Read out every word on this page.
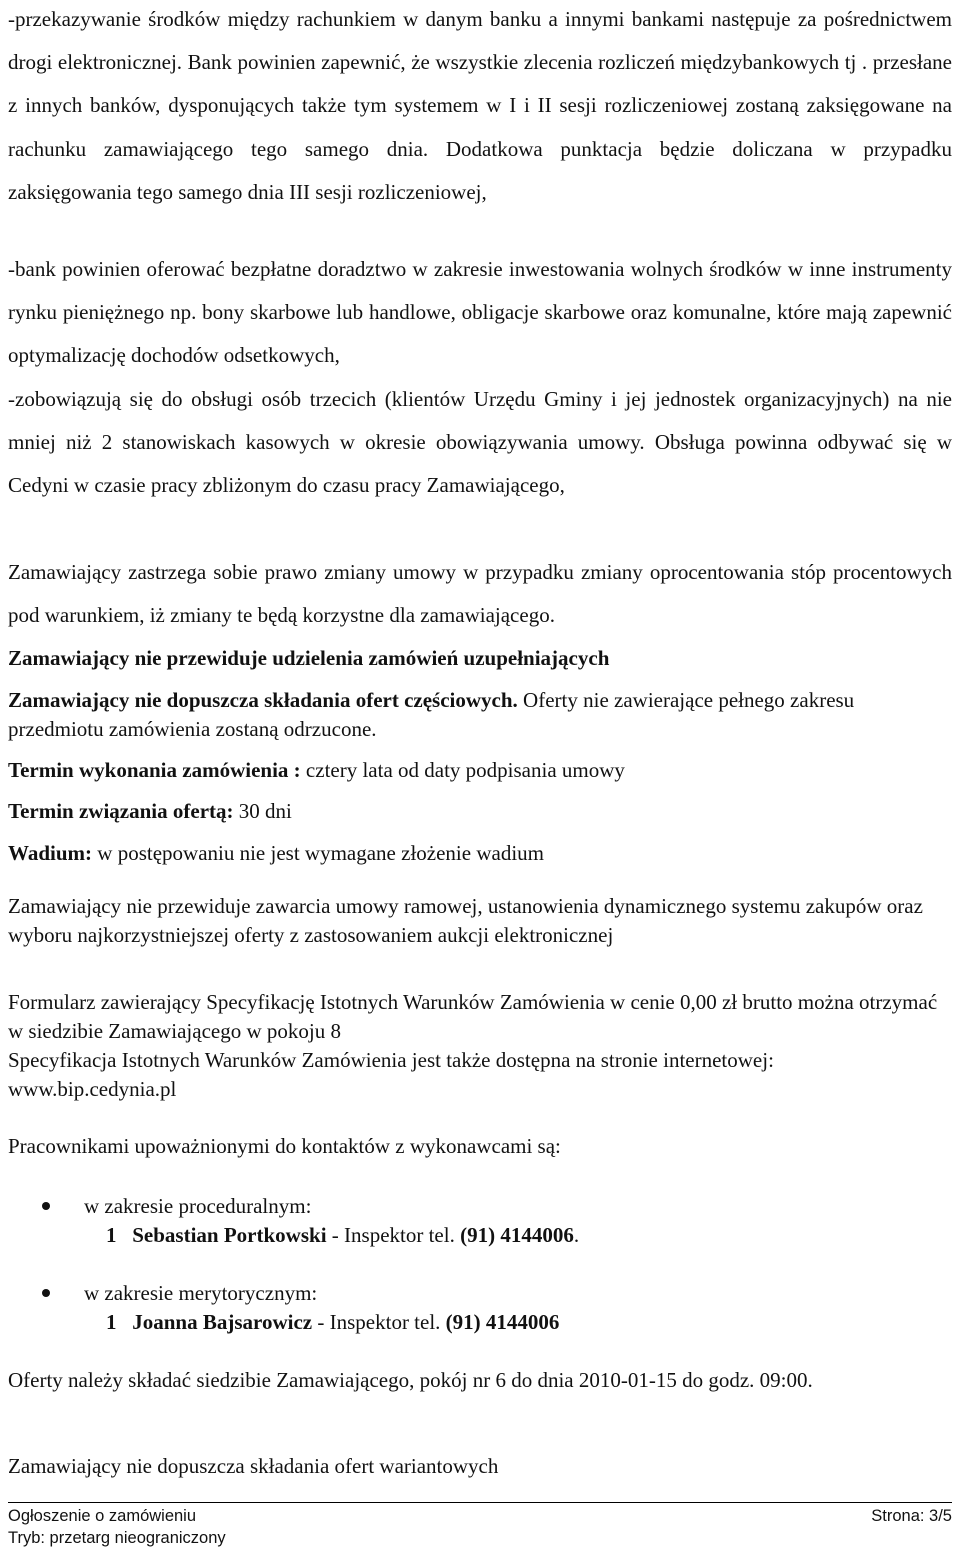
-przekazywanie środków między rachunkiem w danym banku a innymi bankami następuje za pośrednictwem drogi elektronicznej. Bank powinien zapewnić, że wszystkie zlecenia rozliczeń międzybankowych tj . przesłane z innych banków, dysponujących także tym systemem w I i II sesji rozliczeniowej zostaną zaksięgowane na rachunku zamawiającego tego samego dnia. Dodatkowa punktacja będzie doliczana w przypadku zaksięgowania tego samego dnia III sesji rozliczeniowej,

-bank powinien oferować bezpłatne doradztwo w zakresie inwestowania wolnych środków w inne instrumenty rynku pieniężnego np. bony skarbowe lub handlowe, obligacje skarbowe oraz komunalne, które mają zapewnić optymalizację dochodów odsetkowych,

-zobowiązują się do obsługi osób trzecich (klientów Urzędu Gminy i jej jednostek organizacyjnych) na nie mniej niż 2 stanowiskach kasowych w okresie obowiązywania umowy. Obsługa powinna odbywać się w Cedyni w czasie pracy zbliżonym do czasu pracy Zamawiającego,

Zamawiający zastrzega sobie prawo zmiany umowy w przypadku zmiany oprocentowania stóp procentowych pod warunkiem, iż zmiany te będą korzystne dla zamawiającego.

Zamawiający nie przewiduje udzielenia zamówień uzupełniających

Zamawiający nie dopuszcza składania ofert częściowych. Oferty nie zawierające pełnego zakresu przedmiotu zamówienia zostaną odrzucone.

Termin wykonania zamówienia : cztery lata od daty podpisania umowy

Termin związania ofertą: 30 dni

Wadium: w postępowaniu nie jest wymagane złożenie wadium

Zamawiający nie przewiduje zawarcia umowy ramowej, ustanowienia dynamicznego systemu zakupów oraz wyboru najkorzystniejszej oferty z zastosowaniem aukcji elektronicznej

Formularz zawierający Specyfikację Istotnych Warunków Zamówienia w cenie 0,00 zł brutto można otrzymać w siedzibie Zamawiającego w pokoju 8

Specyfikacja Istotnych Warunków Zamówienia jest także dostępna na stronie internetowej:
www.bip.cedynia.pl

Pracownikami upoważnionymi do kontaktów z wykonawcami są:

w zakresie proceduralnym:
1 Sebastian Portkowski - Inspektor tel. (91) 4144006.
w zakresie merytorycznym:
1 Joanna Bajsarowicz - Inspektor tel. (91) 4144006

Oferty należy składać siedzibie Zamawiającego, pokój nr 6 do dnia 2010-01-15 do godz. 09:00.

Zamawiający nie dopuszcza składania ofert wariantowych

Ogłoszenie o zamówieniu	Strona: 3/5
Tryb: przetarg nieograniczony
